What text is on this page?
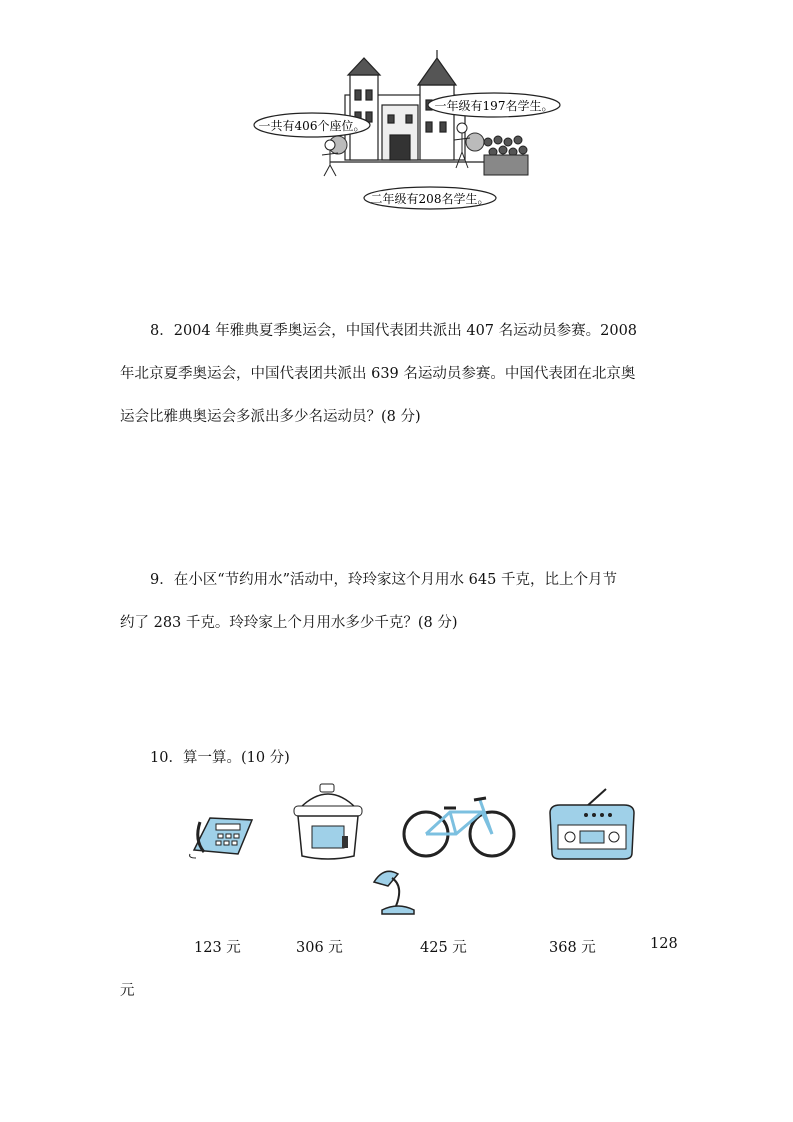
一共有406个座位。
一年级有197名学生。
二年级有208名学生。
8．2004 年雅典夏季奥运会，中国代表团共派出 407 名运动员参赛。2008
年北京夏季奥运会，中国代表团共派出 639 名运动员参赛。中国代表团在北京奥
运会比雅典奥运会多派出多少名运动员？(8 分)
9．在小区“节约用水”活动中，玲玲家这个月用水 645 千克，比上个月节
约了 283 千克。玲玲家上个月用水多少千克？(8 分)
10．算一算。(10 分)
123 元	306 元	425 元	368 元	128
元
